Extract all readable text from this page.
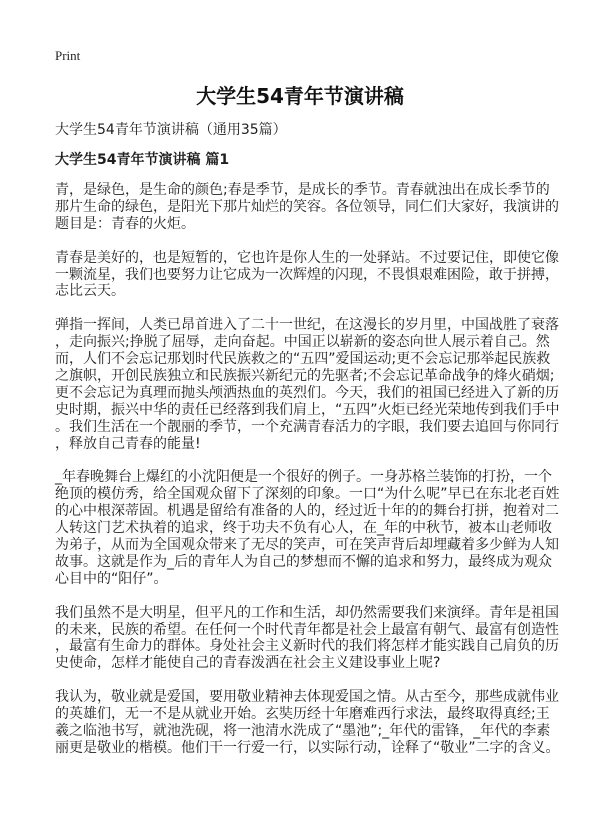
Print
大学生54青年节演讲稿
大学生54青年节演讲稿（通用35篇）
大学生54青年节演讲稿 篇1

青，是绿色，是生命的颜色;春是季节，是成长的季节。青春就浊出在成长季节的
那片生命的绿色，是阳光下那片灿烂的笑容。各位领导，同仁们大家好，我演讲的
题目是：青春的火炬。

青春是美好的，也是短暂的，它也许是你人生的一处驿站。不过要记住，即使它像
一颗流星，我们也要努力让它成为一次辉煌的闪现，不畏惧艰难困险，敢于拼搏，
志比云天。

弹指一挥间，人类已昂首进入了二十一世纪，在这漫长的岁月里，中国战胜了衰落
，走向振兴;挣脱了屈辱，走向奋起。中国正以崭新的姿态向世人展示着自己。然
而，人们不会忘记那划时代民族救之的“五四”爱国运动;更不会忘记那举起民族救
之旗帜，开创民族独立和民族振兴新纪元的先驱者;不会忘记革命战争的烽火硝烟;
更不会忘记为真理而抛头颅洒热血的英烈们。今天，我们的祖国已经进入了新的历
史时期，振兴中华的责任已经落到我们肩上，“五四”火炬已经光荣地传到我们手中
。我们生活在一个靓丽的季节，一个充满青春活力的字眼，我们要去追回与你同行
，释放自己青春的能量!

_年春晚舞台上爆红的小沈阳便是一个很好的例子。一身苏格兰装饰的打扮，一个
绝顶的模仿秀，给全国观众留下了深刻的印象。一口“为什么呢”早已在东北老百姓
的心中根深蒂固。机遇是留给有准备的人的，经过近十年的的舞台打拼，抱着对二
人转这门艺术执着的追求，终于功夫不负有心人，在_年的中秋节，被本山老师收
为弟子，从而为全国观众带来了无尽的笑声，可在笑声背后却埋藏着多少鲜为人知
故事。这就是作为_后的青年人为自己的梦想而不懈的追求和努力，最终成为观众
心目中的“阳仔”。

我们虽然不是大明星，但平凡的工作和生活，却仍然需要我们来演绎。青年是祖国
的未来，民族的希望。在任何一个时代青年都是社会上最富有朝气、最富有创造性
，最富有生命力的群体。身处社会主义新时代的我们将怎样才能实践自己肩负的历
史使命，怎样才能使自己的青春泼洒在社会主义建设事业上呢?

我认为，敬业就是爱国，要用敬业精神去体现爱国之情。从古至今，那些成就伟业
的英雄们，无一不是从就业开始。玄奘历经十年磨难西行求法，最终取得真经;王
羲之临池书写，就池洗砚，将一池清水洗成了“墨池”;_年代的雷锋，_年代的李素
丽更是敬业的楷模。他们干一行爱一行，以实际行动，诠释了“敬业”二字的含义。
